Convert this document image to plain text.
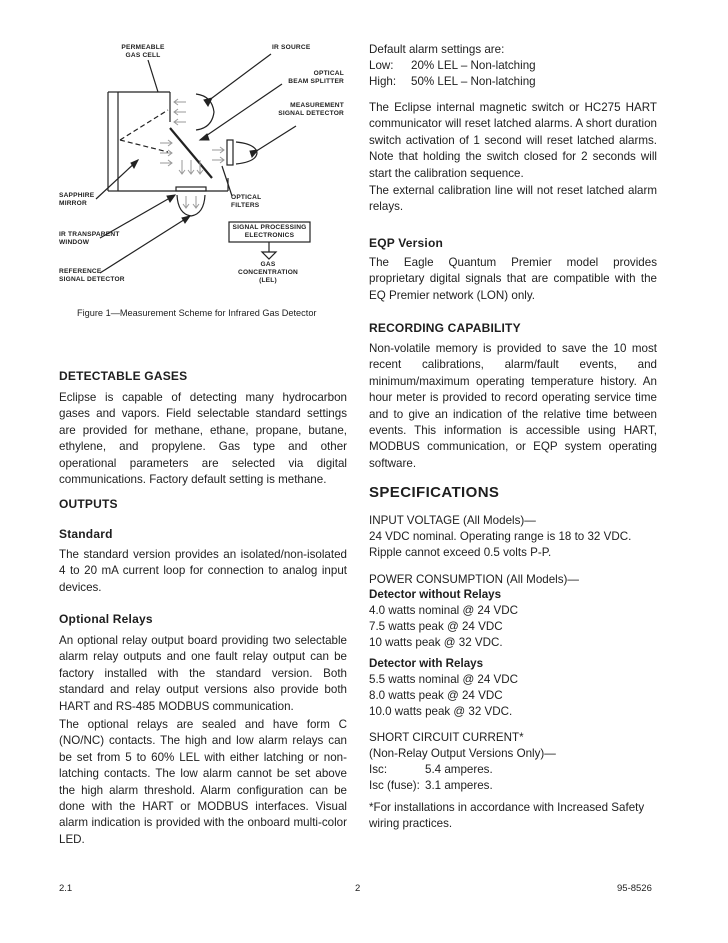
PERMEABLE
GAS CELL
IR SOURCE
OPTICAL
BEAM SPLITTER
MEASUREMENT
SIGNAL DETECTOR
SAPPHIRE
MIRROR
OPTICAL
FILTERS
SIGNAL PROCESSING
ELECTRONICS
IR TRANSPARENT
WINDOW
GAS
CONCENTRATION
(LEL)
REFERENCE
SIGNAL DETECTOR
Figure 1—Measurement Scheme for Infrared Gas Detector

DETECTABLE GASES

Eclipse is capable of detecting many hydrocarbon gases and vapors. Field selectable standard settings are provided for methane, ethane, propane, butane, ethylene, and propylene. Gas type and other operational parameters are selected via digital communications. Factory default setting is methane.

OUTPUTS

Standard

The standard version provides an isolated/non-isolated 4 to 20 mA current loop for connection to analog input devices.

Optional Relays

An optional relay output board providing two selectable alarm relay outputs and one fault relay output can be factory installed with the standard version. Both standard and relay output versions also provide both HART and RS-485 MODBUS communication.

The optional relays are sealed and have form C (NO/NC) contacts. The high and low alarm relays can be set from 5 to 60% LEL with either latching or non-latching contacts. The low alarm cannot be set above the high alarm threshold. Alarm configuration can be done with the HART or MODBUS interfaces. Visual alarm indication is provided with the onboard multi-color LED.

Default alarm settings are:

Low: 20% LEL – Non-latching

High: 50% LEL – Non-latching

The Eclipse internal magnetic switch or HC275 HART communicator will reset latched alarms. A short duration switch activation of 1 second will reset latched alarms. Note that holding the switch closed for 2 seconds will start the calibration sequence.

The external calibration line will not reset latched alarm relays.

EQP Version

The Eagle Quantum Premier model provides proprietary digital signals that are compatible with the EQ Premier network (LON) only.

RECORDING CAPABILITY

Non-volatile memory is provided to save the 10 most recent calibrations, alarm/fault events, and minimum/maximum operating temperature history. An hour meter is provided to record operating service time and to give an indication of the relative time between events. This information is accessible using HART, MODBUS communication, or EQP system operating software.

SPECIFICATIONS

INPUT VOLTAGE (All Models)—

24 VDC nominal. Operating range is 18 to 32 VDC.

Ripple cannot exceed 0.5 volts P-P.

POWER CONSUMPTION (All Models)—

Detector without Relays

4.0 watts nominal @ 24 VDC

7.5 watts peak @ 24 VDC

10 watts peak @ 32 VDC.

Detector with Relays

5.5 watts nominal @ 24 VDC

8.0 watts peak @ 24 VDC

10.0 watts peak @ 32 VDC.

SHORT CIRCUIT CURRENT*

(Non-Relay Output Versions Only)—

Isc:	5.4 amperes.

Isc (fuse): 3.1 amperes.

*For installations in accordance with Increased Safety wiring practices.

2.1	2	95-8526
